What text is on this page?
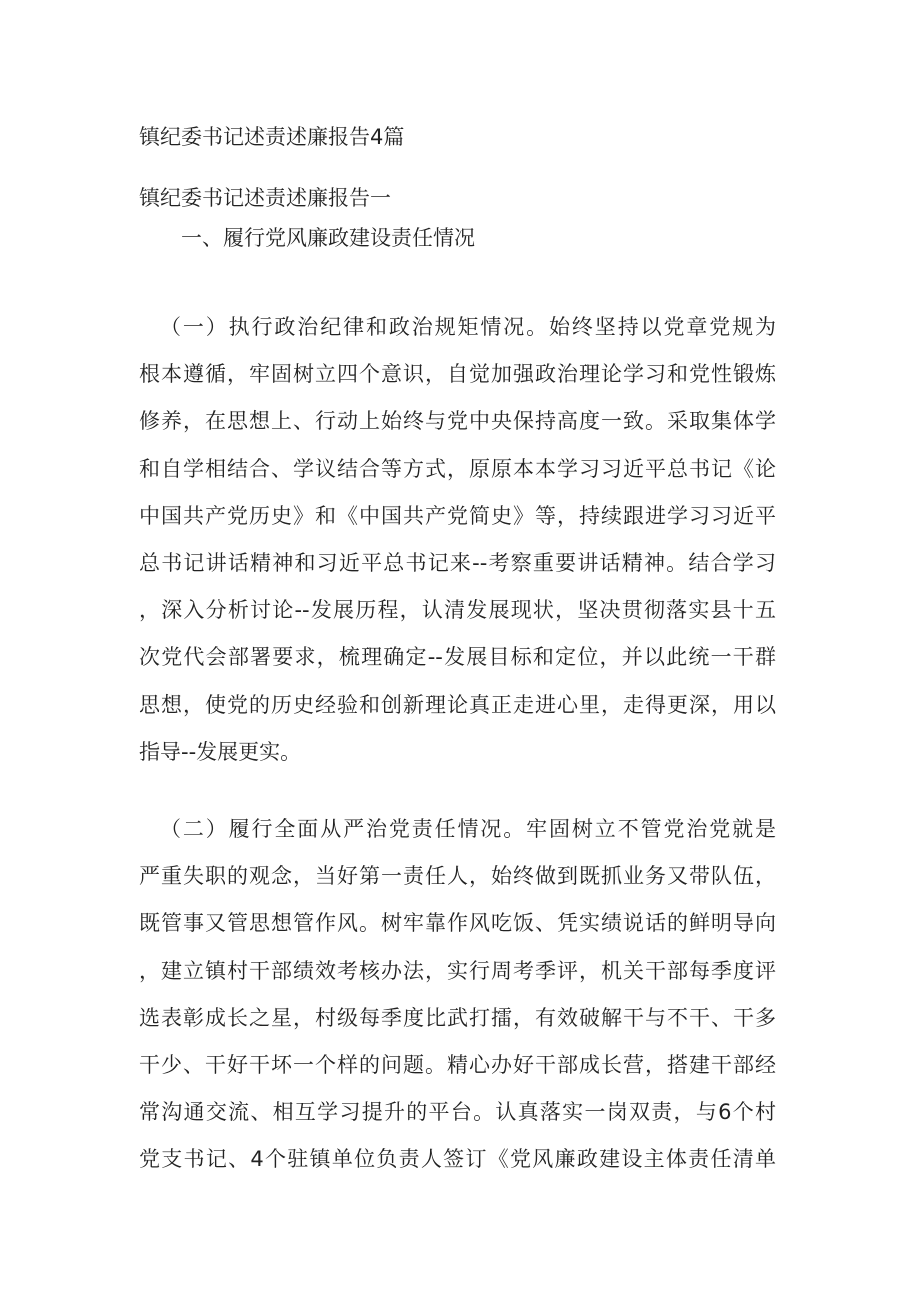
镇纪委书记述责述廉报告4篇
镇纪委书记述责述廉报告一
一、履行党风廉政建设责任情况
（一）执行政治纪律和政治规矩情况。始终坚持以党章党规为
根本遵循，牢固树立四个意识，自觉加强政治理论学习和党性锻炼
修养，在思想上、行动上始终与党中央保持高度一致。采取集体学
和自学相结合、学议结合等方式，原原本本学习习近平总书记《论
中国共产党历史》和《中国共产党简史》等，持续跟进学习习近平
总书记讲话精神和习近平总书记来--考察重要讲话精神。结合学习
，深入分析讨论--发展历程，认清发展现状，坚决贯彻落实县十五
次党代会部署要求，梳理确定--发展目标和定位，并以此统一干群
思想，使党的历史经验和创新理论真正走进心里，走得更深，用以
指导--发展更实。
（二）履行全面从严治党责任情况。牢固树立不管党治党就是
严重失职的观念，当好第一责任人，始终做到既抓业务又带队伍，
既管事又管思想管作风。树牢靠作风吃饭、凭实绩说话的鲜明导向
，建立镇村干部绩效考核办法，实行周考季评，机关干部每季度评
选表彰成长之星，村级每季度比武打擂，有效破解干与不干、干多
干少、干好干坏一个样的问题。精心办好干部成长营，搭建干部经
常沟通交流、相互学习提升的平台。认真落实一岗双责，与6个村
党支书记、4个驻镇单位负责人签订《党风廉政建设主体责任清单
